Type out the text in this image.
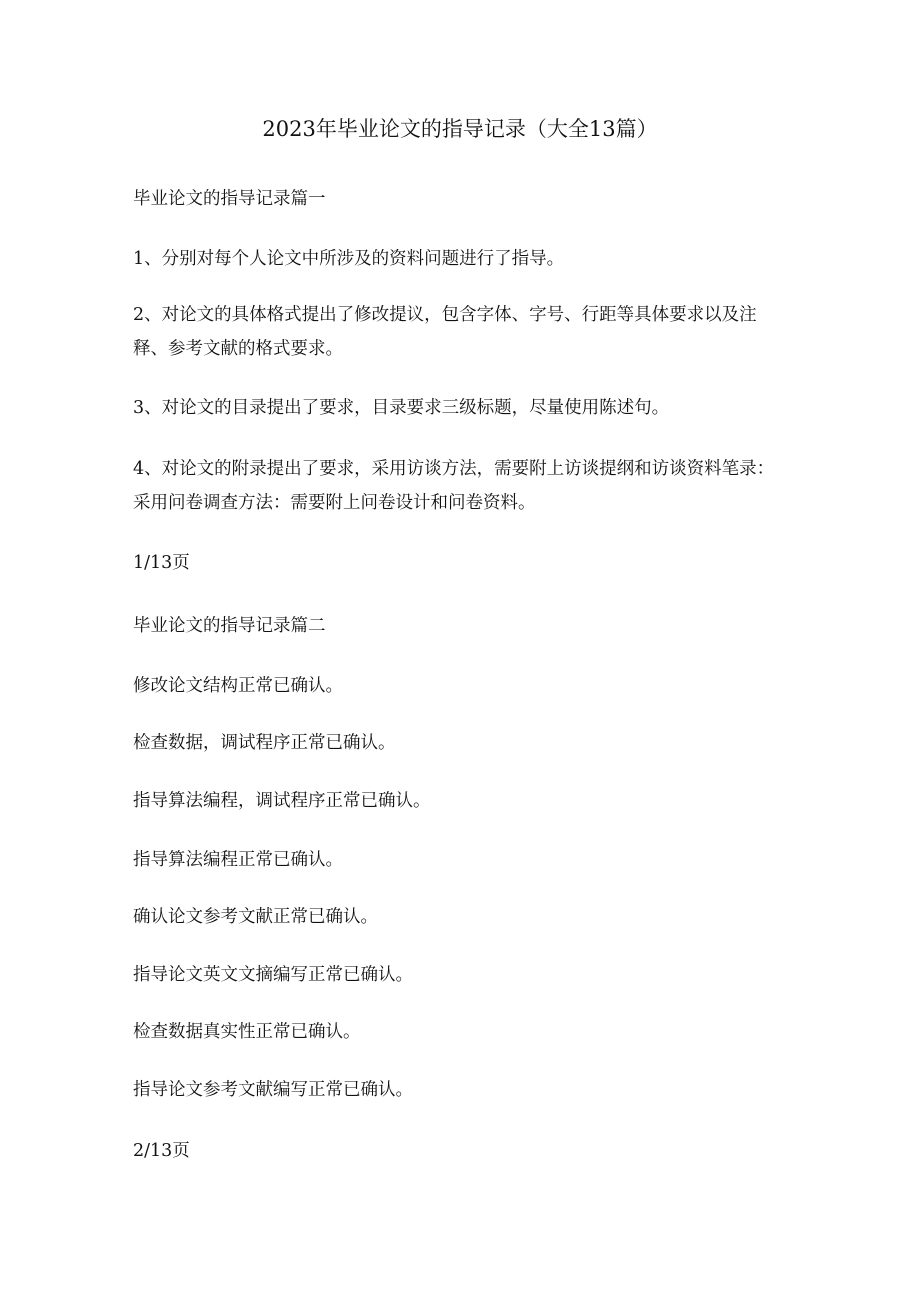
2023年毕业论文的指导记录（大全13篇）

毕业论文的指导记录篇一

1、分别对每个人论文中所涉及的资料问题进行了指导。

2、对论文的具体格式提出了修改提议，包含字体、字号、行距等具体要求以及注释、参考文献的格式要求。

3、对论文的目录提出了要求，目录要求三级标题，尽量使用陈述句。

4、对论文的附录提出了要求，采用访谈方法，需要附上访谈提纲和访谈资料笔录：采用问卷调查方法：需要附上问卷设计和问卷资料。

1/13页

毕业论文的指导记录篇二

修改论文结构正常已确认。

检查数据，调试程序正常已确认。

指导算法编程，调试程序正常已确认。

指导算法编程正常已确认。

确认论文参考文献正常已确认。

指导论文英文文摘编写正常已确认。

检查数据真实性正常已确认。

指导论文参考文献编写正常已确认。

2/13页
